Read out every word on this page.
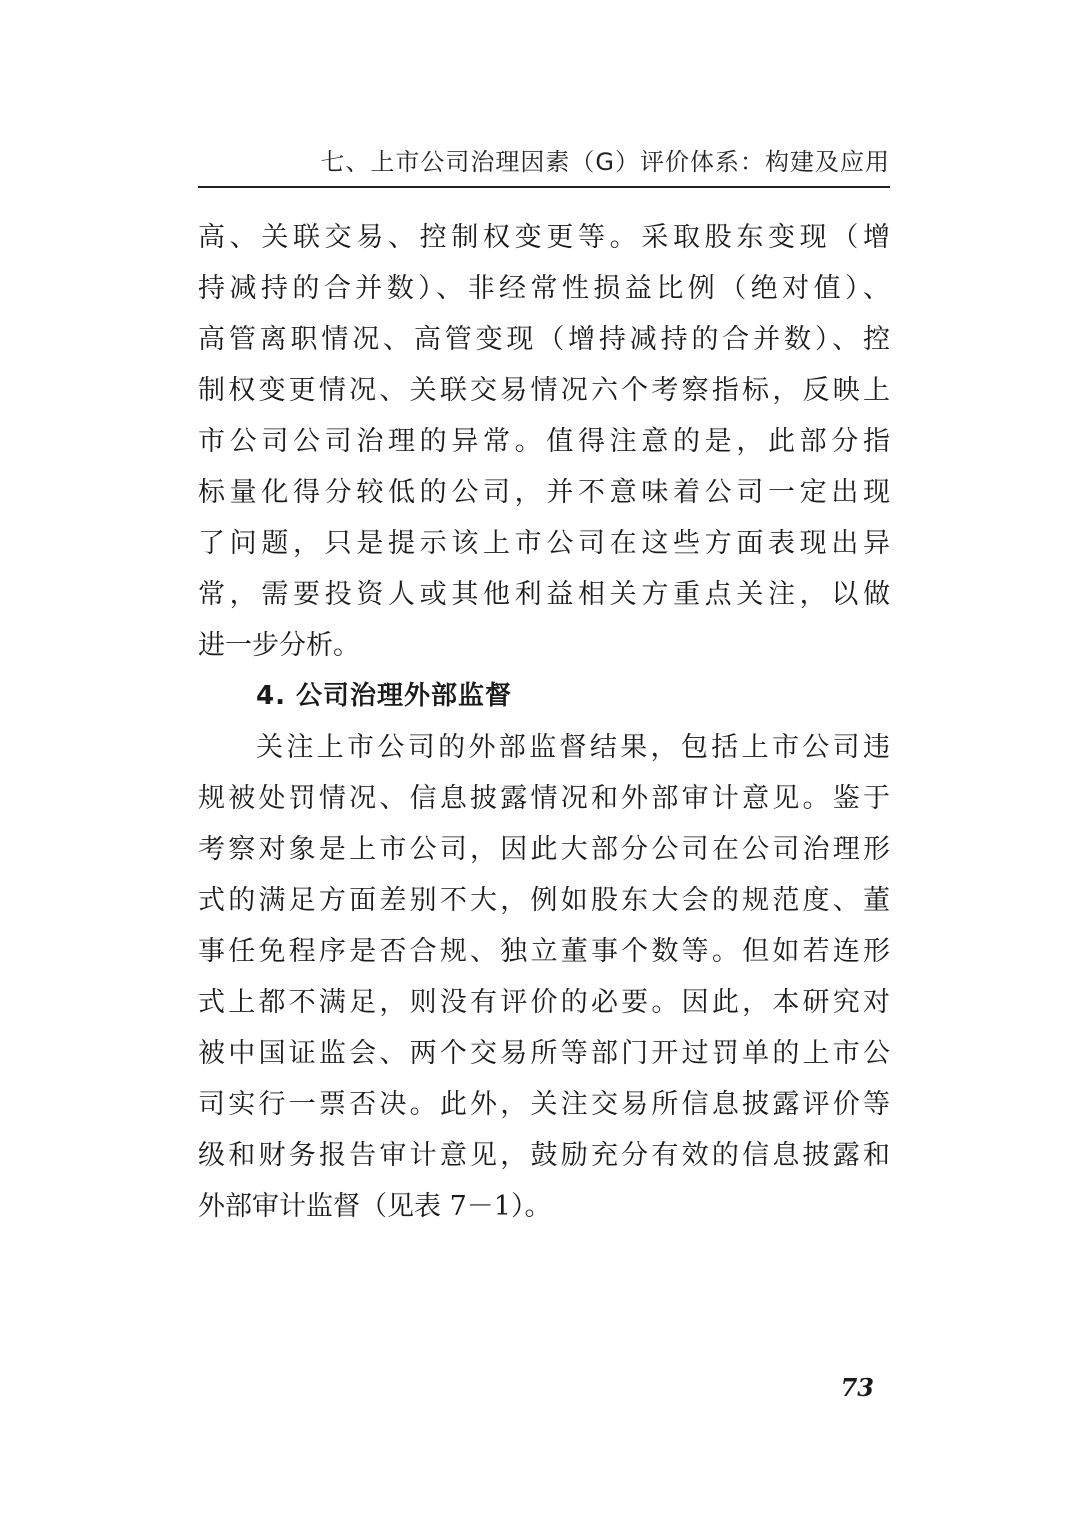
七、上市公司治理因素（G）评价体系：构建及应用
高、关联交易、控制权变更等。采取股东变现（增
持减持的合并数）、非经常性损益比例（绝对值）、
高管离职情况、高管变现（增持减持的合并数）、控
制权变更情况、关联交易情况六个考察指标，反映上
市公司公司治理的异常。值得注意的是，此部分指
标量化得分较低的公司，并不意味着公司一定出现
了问题，只是提示该上市公司在这些方面表现出异
常，需要投资人或其他利益相关方重点关注，以做
进一步分析。
4. 公司治理外部监督
关注上市公司的外部监督结果，包括上市公司违
规被处罚情况、信息披露情况和外部审计意见。鉴于
考察对象是上市公司，因此大部分公司在公司治理形
式的满足方面差别不大，例如股东大会的规范度、董
事任免程序是否合规、独立董事个数等。但如若连形
式上都不满足，则没有评价的必要。因此，本研究对
被中国证监会、两个交易所等部门开过罚单的上市公
司实行一票否决。此外，关注交易所信息披露评价等
级和财务报告审计意见，鼓励充分有效的信息披露和
外部审计监督（见表 7－1）。
73
